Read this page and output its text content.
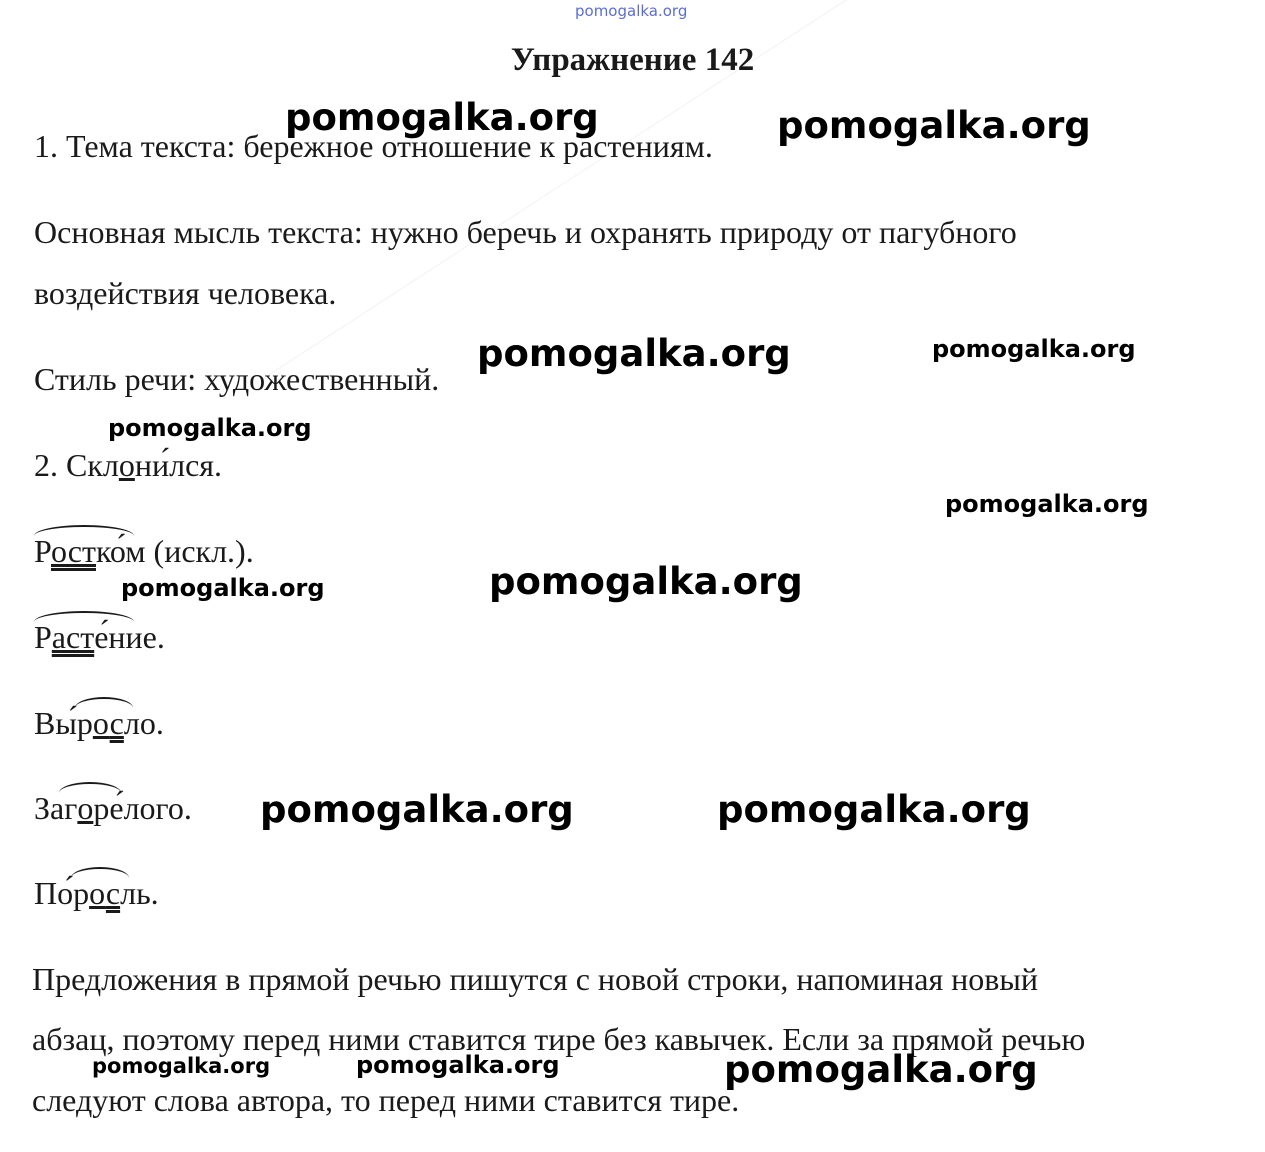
pomogalka.org
Упражнение 142
1. Тема текста: бережное отношение к растениям.
Основная мысль текста: нужно беречь и охранять природу от пагубного
воздействия человека.
Стиль речи: художественный.
2. Склони́лся.
Ростко́м (искл.).
Расте́ние.
Вы́р
осло.
Заг
оре́лого.
По́р
осль.
Предложения в прямой речью пишутся с новой строки, напоминая новый
абзац, поэтому перед ними ставится тире без кавычек. Если за прямой речью
следуют слова автора, то перед ними ставится тире.
pomogalka.org	pomogalka.org
pomogalka.org	pomogalka.org
pomogalka.org
pomogalka.org
pomogalka.org	pomogalka.org
pomogalka.org	pomogalka.org
pomogalka.org	pomogalka.org	pomogalka.org
